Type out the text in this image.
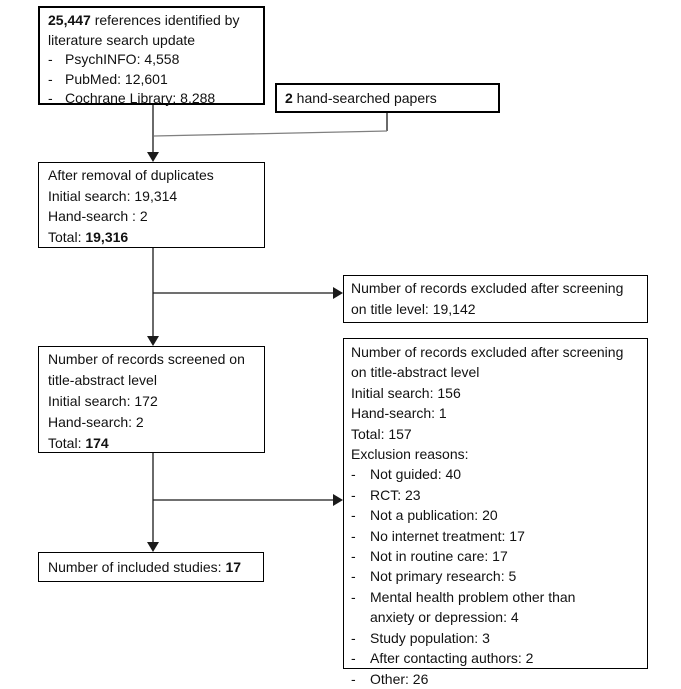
25,447 references identified by
literature search update
- PsychINFO: 4,558
- PubMed: 12,601
- Cochrane Library: 8,288	2 hand-searched papers
After removal of duplicates
Initial search: 19,314
Hand-search : 2
Total: 19,316
Number of records excluded after screening
on title level: 19,142
Number of records screened on
title-abstract level
Initial search: 172
Hand-search: 2
Total: 174
Number of records excluded after screening
on title-abstract level
Initial search: 156
Hand-search: 1
Total: 157
Exclusion reasons:
-	Not guided: 40
-	RCT: 23
-	Not a publication: 20
-	No internet treatment: 17
-	Not in routine care: 17
-	Not primary research: 5
-	Mental health problem other than
anxiety or depression: 4
-	Study population: 3
-	After contacting authors: 2
-	Other: 26
Number of included studies: 17
